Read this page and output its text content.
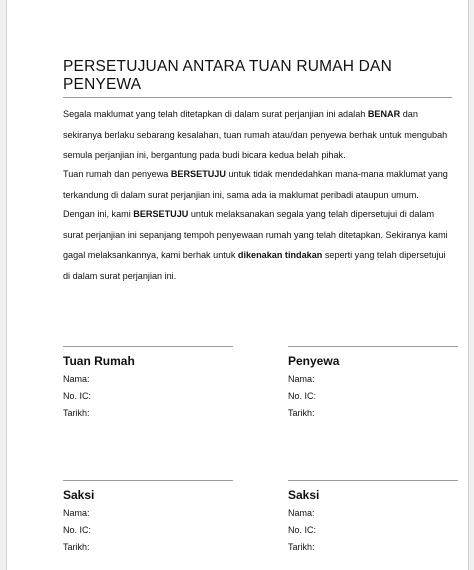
PERSETUJUAN ANTARA TUAN RUMAH DAN PENYEWA

Segala maklumat yang telah ditetapkan di dalam surat perjanjian ini adalah BENAR dan sekiranya berlaku sebarang kesalahan, tuan rumah atau/dan penyewa berhak untuk mengubah semula perjanjian ini, bergantung pada budi bicara kedua belah pihak.

Tuan rumah dan penyewa BERSETUJU untuk tidak mendedahkan mana-mana maklumat yang terkandung di dalam surat perjanjian ini, sama ada ia maklumat peribadi ataupun umum.

Dengan ini, kami BERSETUJU untuk melaksanakan segala yang telah dipersetujui di dalam surat perjanjian ini sepanjang tempoh penyewaan rumah yang telah ditetapkan. Sekiranya kami gagal melaksankannya, kami berhak untuk dikenakan tindakan seperti yang telah dipersetujui di dalam surat perjanjian ini.

Tuan Rumah
Nama:
No. IC:
Tarikh:
Penyewa
Nama:
No. IC:
Tarikh:
Saksi
Nama:
No. IC:
Tarikh:
Saksi
Nama:
No. IC:
Tarikh:
